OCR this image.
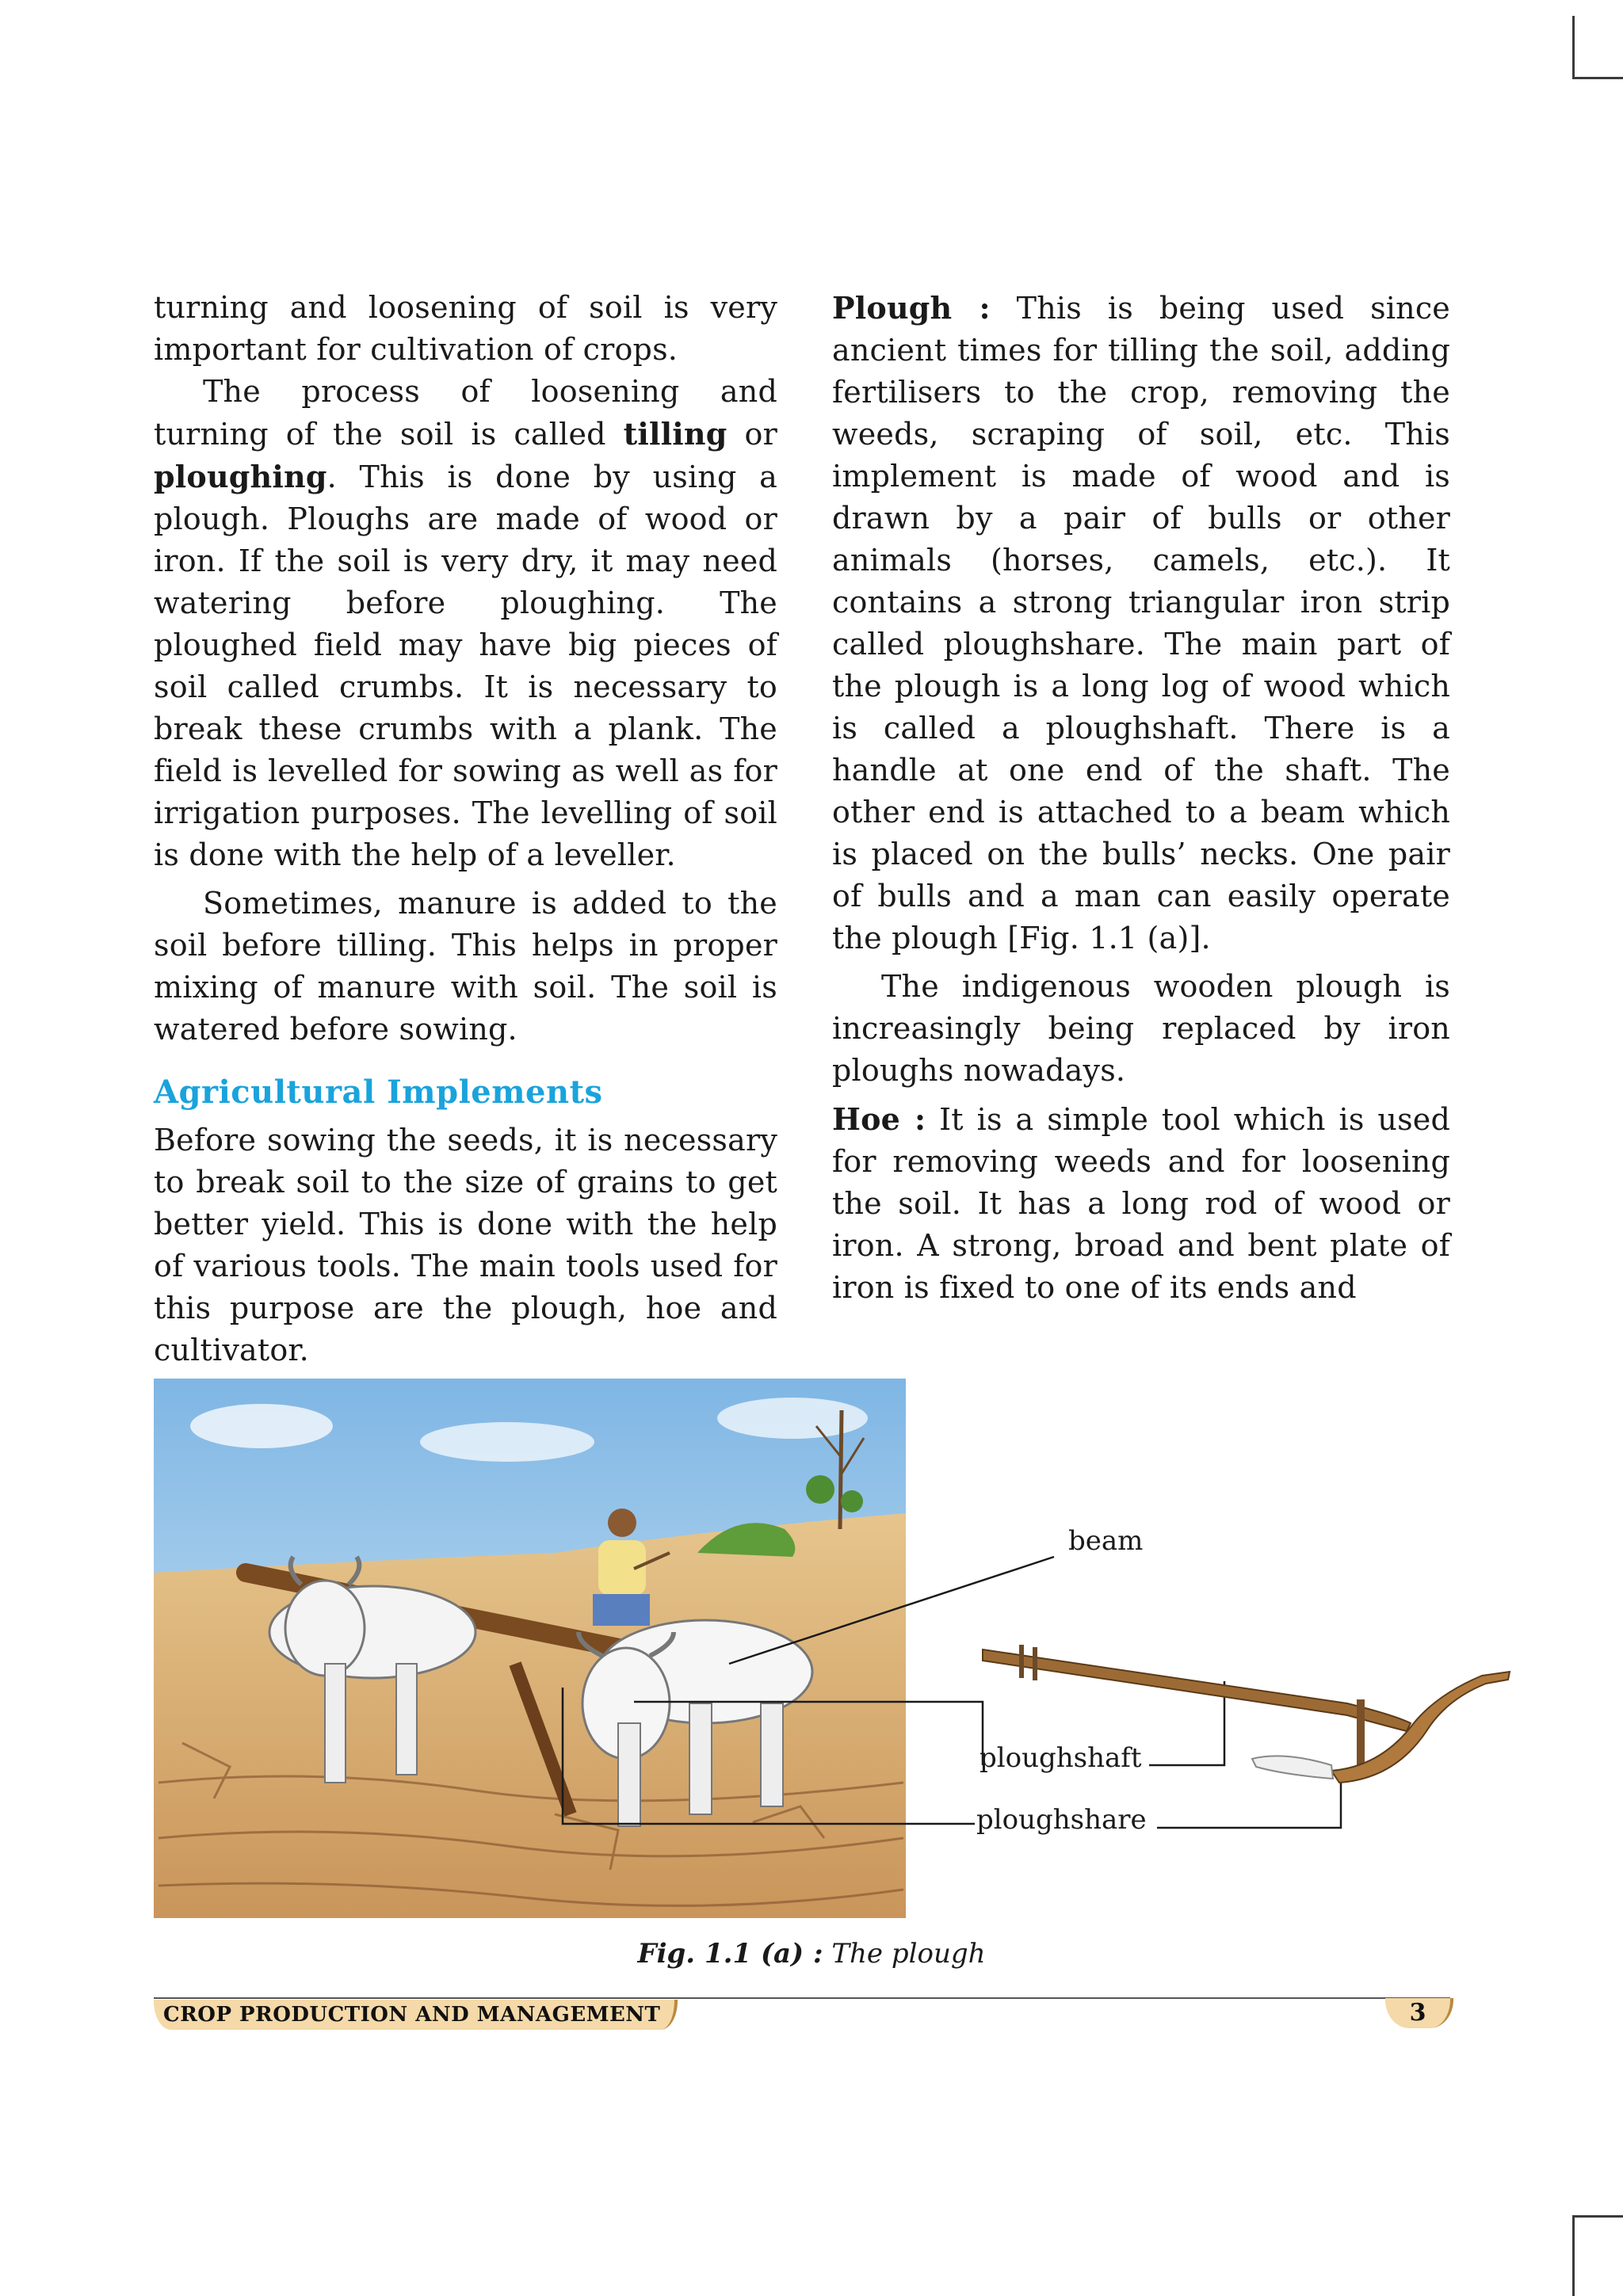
turning and loosening of soil is very important for cultivation of crops.

The process of loosening and turning of the soil is called tilling or ploughing. This is done by using a plough. Ploughs are made of wood or iron. If the soil is very dry, it may need watering before ploughing. The ploughed field may have big pieces of soil called crumbs. It is necessary to break these crumbs with a plank. The field is levelled for sowing as well as for irrigation purposes. The levelling of soil is done with the help of a leveller.

Sometimes, manure is added to the soil before tilling. This helps in proper mixing of manure with soil. The soil is watered before sowing.

Agricultural Implements

Before sowing the seeds, it is necessary to break soil to the size of grains to get better yield. This is done with the help of various tools. The main tools used for this purpose are the plough, hoe and cultivator.

Plough : This is being used since ancient times for tilling the soil, adding fertilisers to the crop, removing the weeds, scraping of soil, etc. This implement is made of wood and is drawn by a pair of bulls or other animals (horses, camels, etc.). It contains a strong triangular iron strip called ploughshare. The main part of the plough is a long log of wood which is called a ploughshaft. There is a handle at one end of the shaft. The other end is attached to a beam which is placed on the bulls’ necks. One pair of bulls and a man can easily operate the plough [Fig. 1.1 (a)].

The indigenous wooden plough is increasingly being replaced by iron ploughs nowadays.

Hoe : It is a simple tool which is used for removing weeds and for loosening the soil. It has a long rod of wood or iron. A strong, broad and bent plate of iron is fixed to one of its ends and

beam
ploughshaft
ploughshare
Fig. 1.1 (a) : The plough
CROP PRODUCTION AND MANAGEMENT	3
